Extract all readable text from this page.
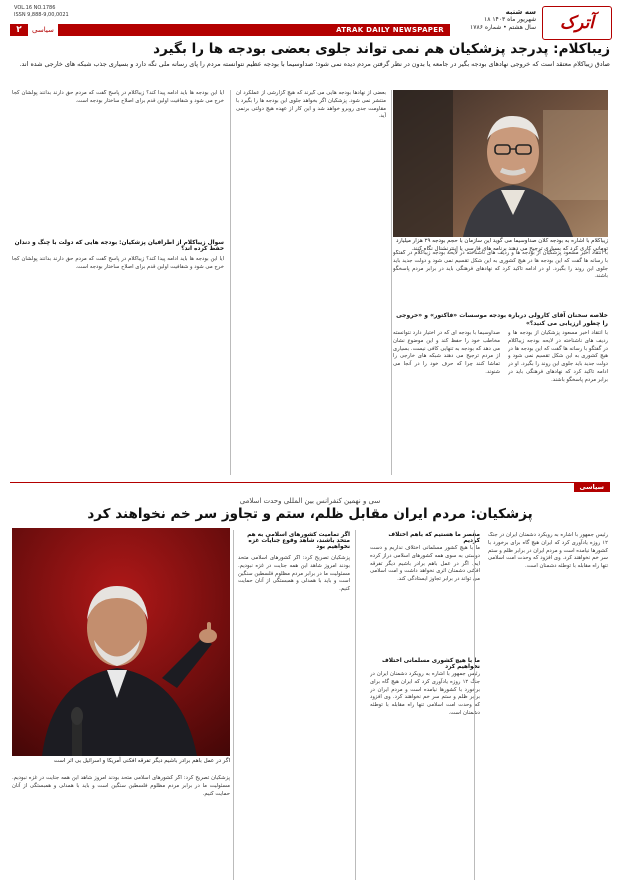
آترک
سه شنبه
۱۸ شهریور ماه ۱۴۰۳
سال هشتم • شماره ۱۷۸۶
VOL.16 NO.1786
ISSN 9,888-9,00,0021
۲	سیاسی	ATRAK DAILY NEWSPAPER
زیباکلام: پدرجد پزشکیان هم نمی تواند جلوی بعضی بودجه ها را بگیرد
صادق زیباکلام معتقد است که خروجی نهادهای بودجه بگیر در جامعه یا بدون در نظر گرفتن مردم دیده نمی شود؛ صداوسیما با بودجه عظیم نتوانسته مردم را پای رسانه ملی نگه دارد و بسیاری جذب شبکه های خارجی شده اند.
زیباکلام با اشاره به بودجه کلان صداوسیما می گوید این سازمان با حجم بودجه ۲۹ هزار میلیارد تومانی کاری کرد که بسیاری ترجیح می دهند برنامه های فارسی یا اینترنشنال نگاه کنند.
خلاصه سخنان آقای کارولی درباره بودجه موسسات «فاکتور» و «خروجی را چطور ارزیابی می کنید؟»
با انتقاد اخیر مسعود پزشکیان از بودجه ها و ردیف های ناشناخته در لایحه بودجه زیباکلام در گفتگو با رسانه ها گفت که این بودجه ها در هیچ کشوری به این شکل تقسیم نمی شود و دولت جدید باید جلوی این روند را بگیرد. او در ادامه تاکید کرد که نهادهای فرهنگی باید در برابر مردم پاسخگو باشند.
با انتقاد اخیر مسعود پزشکیان از بودجه ها و ردیف های ناشناخته در لایحه بودجه زیباکلام در گفتگو با رسانه ها گفت که این بودجه ها در هیچ کشوری به این شکل تقسیم نمی شود و دولت جدید باید جلوی این روند را بگیرد. او در ادامه تاکید کرد که نهادهای فرهنگی باید در برابر مردم پاسخگو باشند.
صداوسیما با بودجه ای که در اختیار دارد نتوانسته مخاطب خود را حفظ کند و این موضوع نشان می دهد که بودجه به تنهایی کافی نیست. بسیاری از مردم ترجیح می دهند شبکه های خارجی را تماشا کنند چرا که حرف خود را در آنجا می شنوند.
بعضی از نهادها بودجه هایی می گیرند که هیچ گزارشی از عملکرد آن منتشر نمی شود. پزشکیان اگر بخواهد جلوی این بودجه ها را بگیرد با مقاومت جدی روبرو خواهد شد و این کار از عهده هیچ دولتی برنمی آید.
آیا این بودجه ها باید ادامه پیدا کند؟ زیباکلام در پاسخ گفت که مردم حق دارند بدانند پولشان کجا خرج می شود و شفافیت اولین قدم برای اصلاح ساختار بودجه است.
سوال زیباکلام از اطرافیان پزشکیان: بودجه هایی که دولت با چنگ و دندان حفظ کرده اند؟
آیا این بودجه ها باید ادامه پیدا کند؟ زیباکلام در پاسخ گفت که مردم حق دارند بدانند پولشان کجا خرج می شود و شفافیت اولین قدم برای اصلاح ساختار بودجه است.
سیاسی
سی و نهمین کنفرانس بین المللی وحدت اسلامی
پزشکیان: مردم ایران مقابل ظلم، ستم و تجاوز سر خم نخواهند کرد
اگر در عمل باهم برادر باشیم دیگر تفرقه افکنی آمریکا و اسرائیل بی اثر است
پزشکیان تصریح کرد: اگر کشورهای اسلامی متحد بودند امروز شاهد این همه جنایت در غزه نبودیم. مسئولیت ما در برابر مردم مظلوم فلسطین سنگین است و باید با همدلی و همبستگی از آنان حمایت کنیم.
رئیس جمهور با اشاره به رویکرد دشمنان ایران در جنگ ۱۲ روزه یادآوری کرد که ایران هیچ گاه برای برخورد با کشورها نیامده است و مردم ایران در برابر ظلم و ستم سر خم نخواهند کرد. وی افزود که وحدت امت اسلامی تنها راه مقابله با توطئه دشمنان است.
مقصر ما هستیم که باهم اختلاف کردیم
ما با هیچ کشور مسلمانی اختلاف نداریم و دست دوستی به سوی همه کشورهای اسلامی دراز کرده ایم. اگر در عمل باهم برادر باشیم دیگر تفرقه افکنی دشمنان اثری نخواهد داشت و امت اسلامی می تواند در برابر تجاوز ایستادگی کند.
ما با هیچ کشوری مسلمانی اختلاف نخواهیم کرد
رئیس جمهور با اشاره به رویکرد دشمنان ایران در جنگ ۱۲ روزه یادآوری کرد که ایران هیچ گاه برای برخورد با کشورها نیامده است و مردم ایران در برابر ظلم و ستم سر خم نخواهند کرد. وی افزود که وحدت امت اسلامی تنها راه مقابله با توطئه دشمنان است.
اگر تمامیت کشورهای اسلامی به هم متحد باشند، شاهد وقوع جنایات غزه نخواهیم بود
پزشکیان تصریح کرد: اگر کشورهای اسلامی متحد بودند امروز شاهد این همه جنایت در غزه نبودیم. مسئولیت ما در برابر مردم مظلوم فلسطین سنگین است و باید با همدلی و همبستگی از آنان حمایت کنیم.
